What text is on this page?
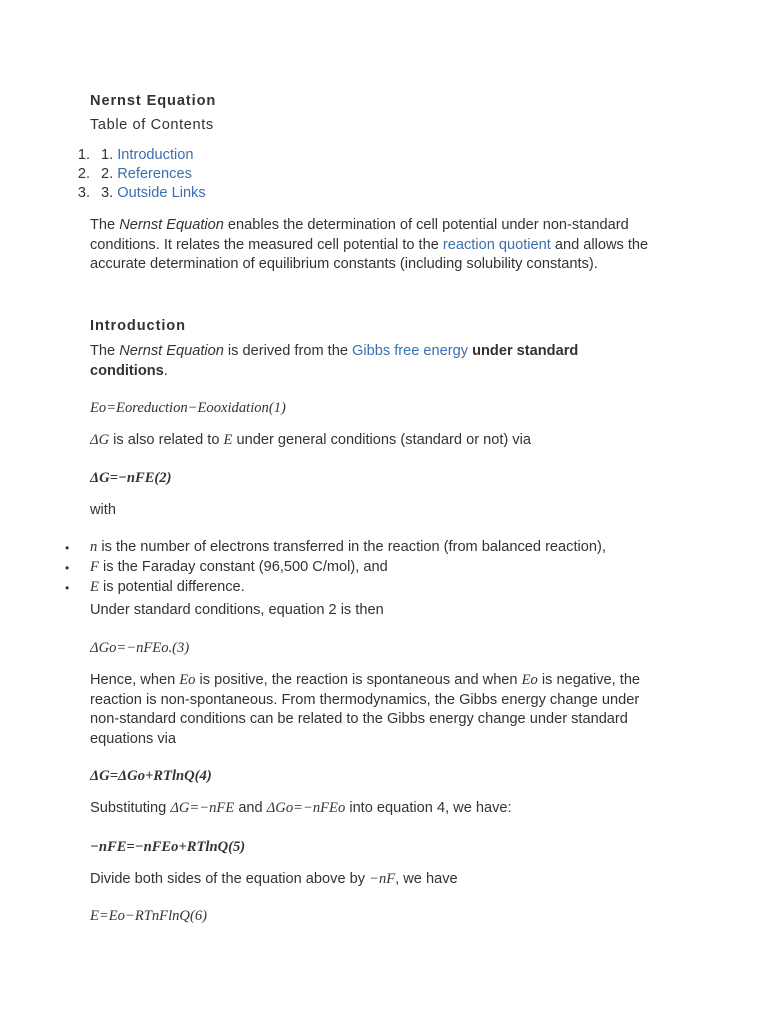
Nernst Equation
Table of Contents
1. 1. Introduction
2. 2. References
3. 3. Outside Links
The Nernst Equation enables the determination of cell potential under non-standard
conditions. It relates the measured cell potential to the reaction quotient and allows the
accurate determination of equilibrium constants (including solubility constants).
Introduction
The Nernst Equation is derived from the Gibbs free energy under standard
conditions.
Eo=Eoreduction−Eooxidation(1)
ΔG is also related to E under general conditions (standard or not) via
ΔG=−nFE(2)
with
• n is the number of electrons transferred in the reaction (from balanced reaction),
• F is the Faraday constant (96,500 C/mol), and
• E is potential difference.
Under standard conditions, equation 2 is then
ΔGo=−nFEo.(3)
Hence, when Eo is positive, the reaction is spontaneous and when Eo is negative, the
reaction is non-spontaneous. From thermodynamics, the Gibbs energy change under
non-standard conditions can be related to the Gibbs energy change under standard
equations via
ΔG=ΔGo+RTlnQ(4)
Substituting ΔG=−nFE and ΔGo=−nFEo into equation 4, we have:
−nFE=−nFEo+RTlnQ(5)
Divide both sides of the equation above by −nF, we have
E=Eo−RTnFlnQ(6)
